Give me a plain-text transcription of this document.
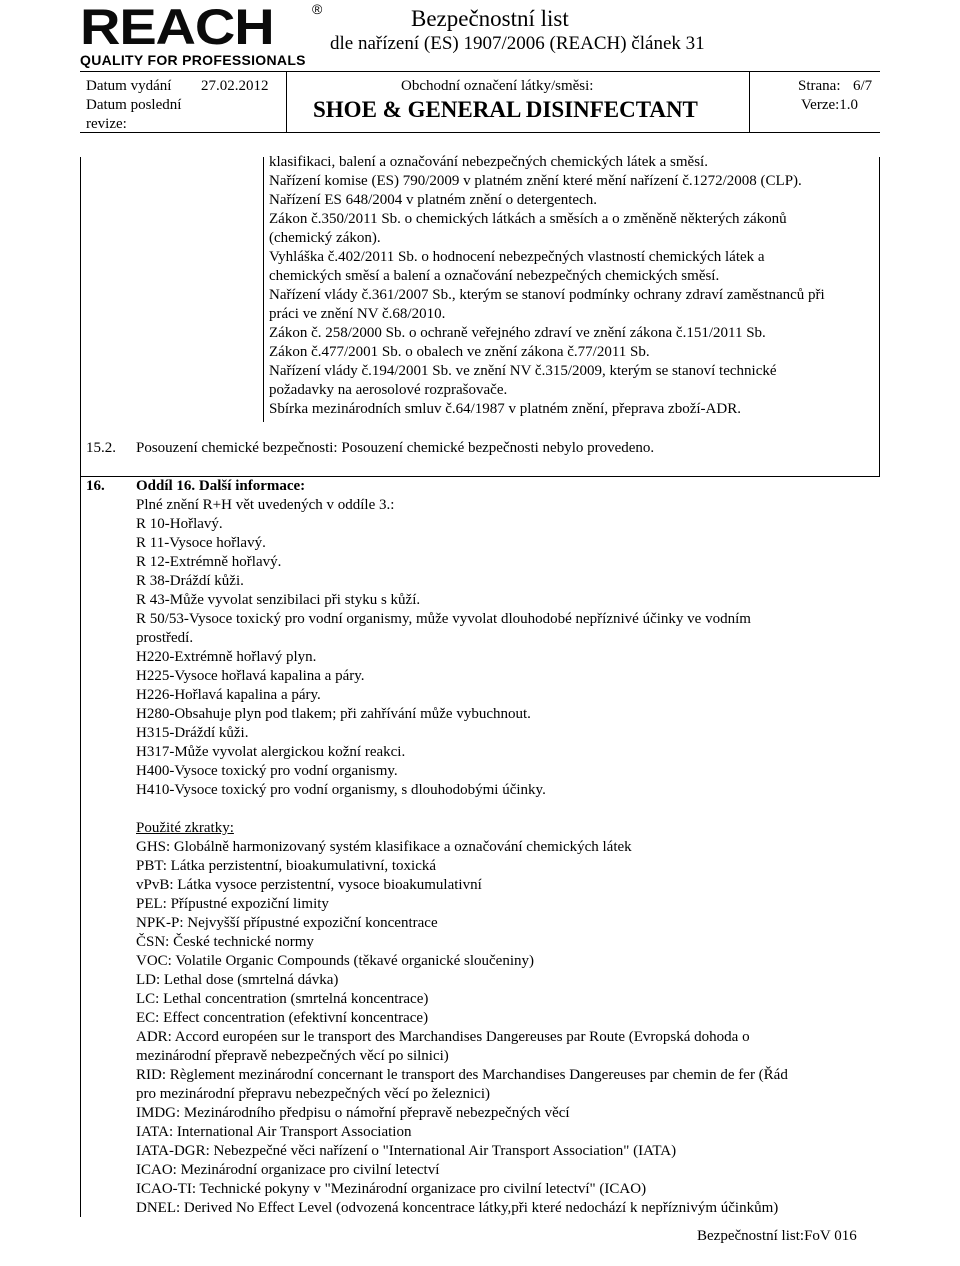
REACH	®
QUALITY FOR PROFESSIONALS
Bezpečnostní list
dle nařízení (ES) 1907/2006 (REACH) článek 31
Datum vydání 27.02.2012
Datum poslední
revize:
Obchodní označení látky/směsi:
SHOE & GENERAL DISINFECTANT
Strana: 6/7
Verze:1.0
klasifikaci, balení a označování nebezpečných chemických látek a směsí.
Nařízení komise (ES) 790/2009 v platném znění které mění nařízení č.1272/2008 (CLP).
Nařízení ES 648/2004 v platném znění o detergentech.
Zákon č.350/2011 Sb. o chemických látkách a směsích a o změněně některých zákonů
(chemický zákon).
Vyhláška č.402/2011 Sb. o hodnocení nebezpečných vlastností chemických látek a
chemických směsí a balení a označování nebezpečných chemických směsí.
Nařízení vlády č.361/2007 Sb., kterým se stanoví podmínky ochrany zdraví zaměstnanců při
práci ve znění NV č.68/2010.
Zákon č. 258/2000 Sb. o ochraně veřejného zdraví ve znění zákona č.151/2011 Sb.
Zákon č.477/2001 Sb. o obalech ve znění zákona č.77/2011 Sb.
Nařízení vlády č.194/2001 Sb. ve znění NV č.315/2009, kterým se stanoví technické
požadavky na aerosolové rozprašovače.
Sbírka mezinárodních smluv č.64/1987 v platném znění, přeprava zboží-ADR.
15.2. Posouzení chemické bezpečnosti: Posouzení chemické bezpečnosti nebylo provedeno.
16. Oddíl 16. Další informace:
Plné znění R+H vět uvedených v oddíle 3.:
R 10-Hořlavý.
R 11-Vysoce hořlavý.
R 12-Extrémně hořlavý.
R 38-Dráždí kůži.
R 43-Může vyvolat senzibilaci při styku s kůží.
R 50/53-Vysoce toxický pro vodní organismy, může vyvolat dlouhodobé nepříznivé účinky ve vodním
prostředí.
H220-Extrémně hořlavý plyn.
H225-Vysoce hořlavá kapalina a páry.
H226-Hořlavá kapalina a páry.
H280-Obsahuje plyn pod tlakem; při zahřívání může vybuchnout.
H315-Dráždí kůži.
H317-Může vyvolat alergickou kožní reakci.
H400-Vysoce toxický pro vodní organismy.
H410-Vysoce toxický pro vodní organismy, s dlouhodobými účinky.
Použité zkratky:
GHS: Globálně harmonizovaný systém klasifikace a označování chemických látek
PBT: Látka perzistentní, bioakumulativní, toxická
vPvB: Látka vysoce perzistentní, vysoce bioakumulativní
PEL: Přípustné expoziční limity
NPK-P: Nejvyšší přípustné expoziční koncentrace
ČSN: České technické normy
VOC: Volatile Organic Compounds (těkavé organické sloučeniny)
LD: Lethal dose (smrtelná dávka)
LC: Lethal concentration (smrtelná koncentrace)
EC: Effect concentration (efektivní koncentrace)
ADR: Accord européen sur le transport des Marchandises Dangereuses par Route (Evropská dohoda o
mezinárodní přepravě nebezpečných věcí po silnici)
RID: Règlement mezinárodní concernant le transport des Marchandises Dangereuses par chemin de fer (Řád
pro mezinárodní přepravu nebezpečných věcí po železnici)
IMDG: Mezinárodního předpisu o námořní přepravě nebezpečných věcí
IATA: International Air Transport Association
IATA-DGR: Nebezpečné věci nařízení o "International Air Transport Association" (IATA)
ICAO: Mezinárodní organizace pro civilní letectví
ICAO-TI: Technické pokyny v "Mezinárodní organizace pro civilní letectví" (ICAO)
DNEL: Derived No Effect Level (odvozená koncentrace látky,při které nedochází k nepříznivým účinkům)
Bezpečnostní list:FoV 016
